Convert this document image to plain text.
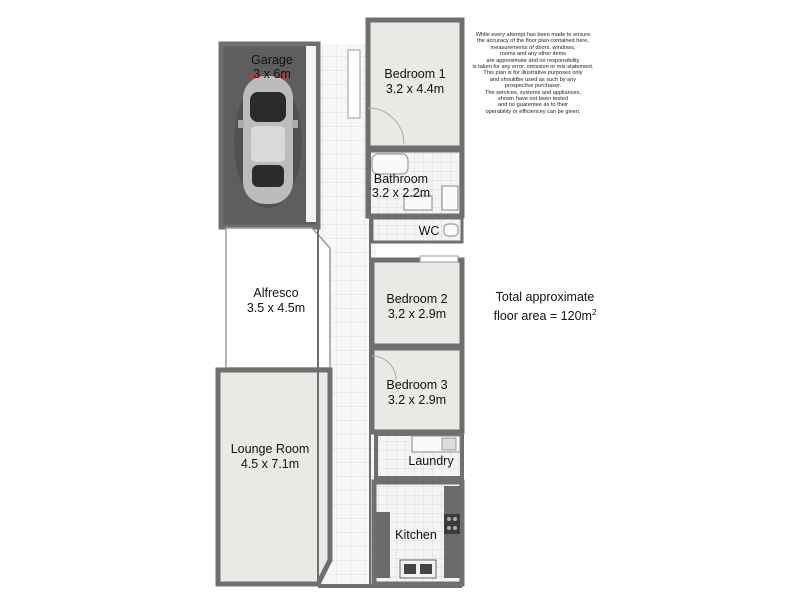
Garage
3 x 6m	Bedroom 1
3.2 x 4.4m
Bathroom
3.2 x 2.2m
WC
Alfresco
3.5 x 4.5m
Bedroom 2
3.2 x 2.9m
Bedroom 3
3.2 x 2.9m
Lounge Room
4.5 x 7.1m	Laundry
Kitchen
While every attempt has been made to ensure
the accuracy of the floor plan contained here,
measurements of doors, windows,
rooms and any other items
are approximate and no responsibility
is taken for any error, omission or mis-statement.
This plan is for illustrative purposes only
and shouldbe used as such by any
prospective purchaser.
The services, systems and appliances,
shown have not been tested
and no guarentee as to their
operability or efficiencey can be given.
Total approximate
floor area = $120m^2$
